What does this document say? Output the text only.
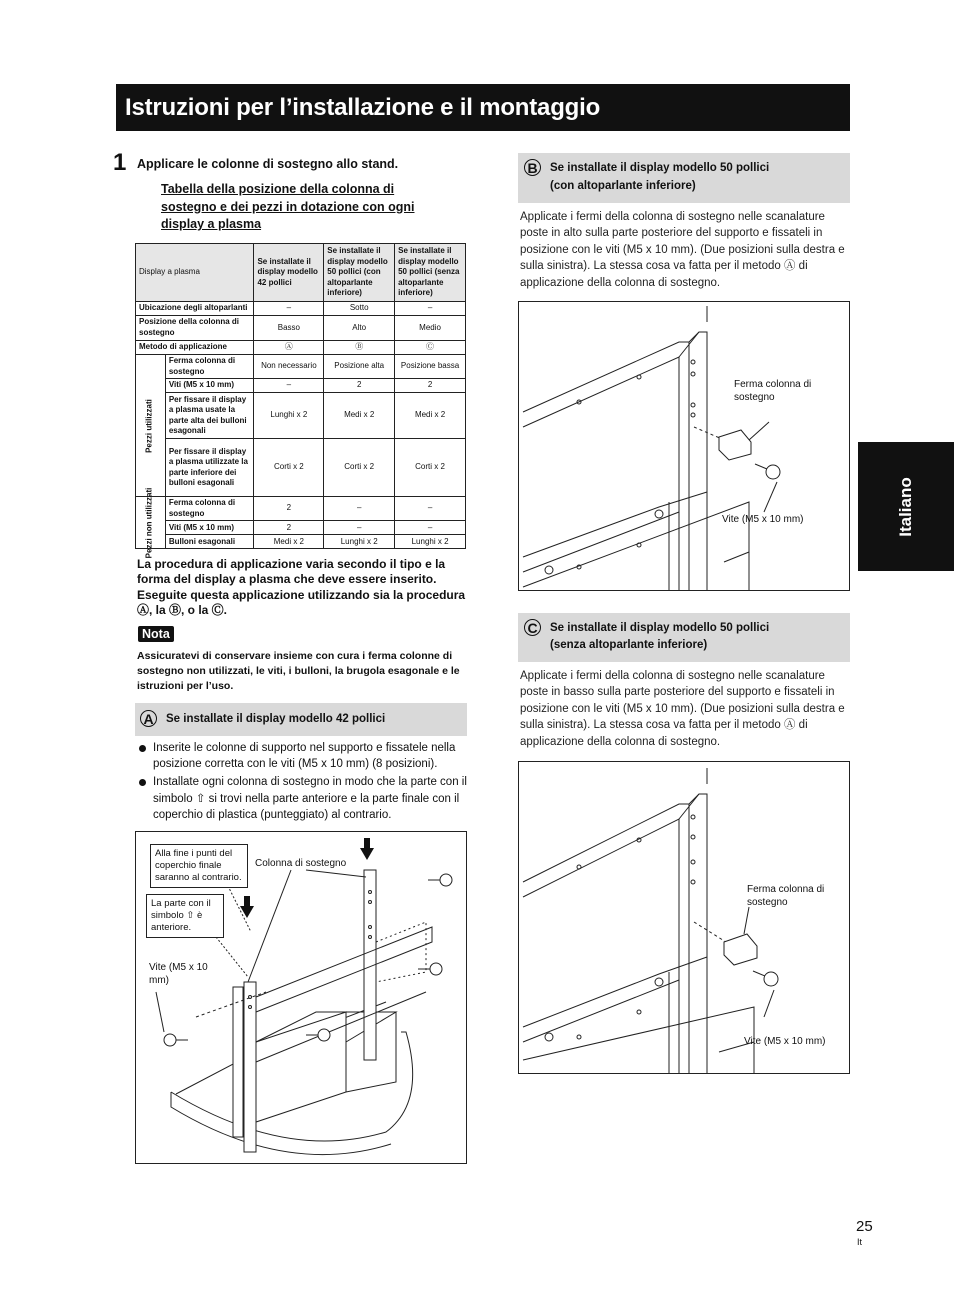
Istruzioni per l’installazione e il montaggio
1 Applicare le colonne di sostegno allo stand.
Tabella della posizione della colonna di sostegno e dei pezzi in dotazione con ogni display a plasma
Display a plasma		Se installate il display modello 42 pollici	Se installate il display modello 50 pollici (con altoparlante inferiore)	Se installate il display modello 50 pollici (senza altoparlante inferiore)
Ubicazione degli altoparlanti		–	Sotto	–
Posizione della colonna di sostegno		Basso	Alto	Medio
Metodo di applicazione		Ⓐ	Ⓑ	Ⓒ

Pezzi utilizzati	Ferma colonna di sostegno	Non necessario	Posizione alta	Posizione bassa
	Viti (M5 x 10 mm)	–	2	2
	Per fissare il display a plasma usate la parte alta dei bulloni esagonali	Lunghi x 2	Medi x 2	Medi x 2
	Per fissare il display a plasma utilizzate la parte inferiore dei bulloni esagonali	Corti x 2	Corti x 2	Corti x 2

Pezzi non utilizzati	Ferma colonna di sostegno	2	–	–
	Viti (M5 x 10 mm)	2	–	–
	Bulloni esagonali	Medi x 2	Lunghi x 2	Lunghi x 2
La procedura di applicazione varia secondo il tipo e la forma del display a plasma che deve essere inserito. Eseguite questa applicazione utilizzando sia la procedura Ⓐ, la Ⓑ, o la Ⓒ.
Nota
Assicuratevi di conservare insieme con cura i ferma colonne di sostegno non utilizzati, le viti, i bulloni, la brugola esagonale e le istruzioni per l’uso.
A Se installate il display modello 42 pollici
Inserite le colonne di supporto nel supporto e fissatele nella posizione corretta con le viti (M5 x 10 mm) (8 posizioni).
Installate ogni colonna di sostegno in modo che la parte con il simbolo ⇧ si trovi nella parte anteriore e la parte finale con il coperchio di plastica (punteggiato) al contrario.
Alla fine i punti del coperchio finale saranno al contrario.
La parte con il simbolo ⇧ è anteriore.
Colonna di sostegno
Vite (M5 x 10 mm)
B Se installate il display modello 50 pollici
(con altoparlante inferiore)
Applicate i fermi della colonna di sostegno nelle scanalature poste in alto sulla parte posteriore del supporto e fissateli in posizione con le viti (M5 x 10 mm). (Due posizioni sulla destra e sulla sinistra). La stessa cosa va fatta per il metodo Ⓐ di applicazione della colonna di sostegno.
Ferma colonna di sostegno
Vite (M5 x 10 mm)
C Se installate il display modello 50 pollici
(senza altoparlante inferiore)
Applicate i fermi della colonna di sostegno nelle scanalature poste in basso sulla parte posteriore del supporto e fissateli in posizione con le viti (M5 x 10 mm). (Due posizioni sulla destra e sulla sinistra). La stessa cosa va fatta per il metodo Ⓐ di applicazione della colonna di sostegno.
Ferma colonna di sostegno
Vite (M5 x 10 mm)
Italiano
25
It
